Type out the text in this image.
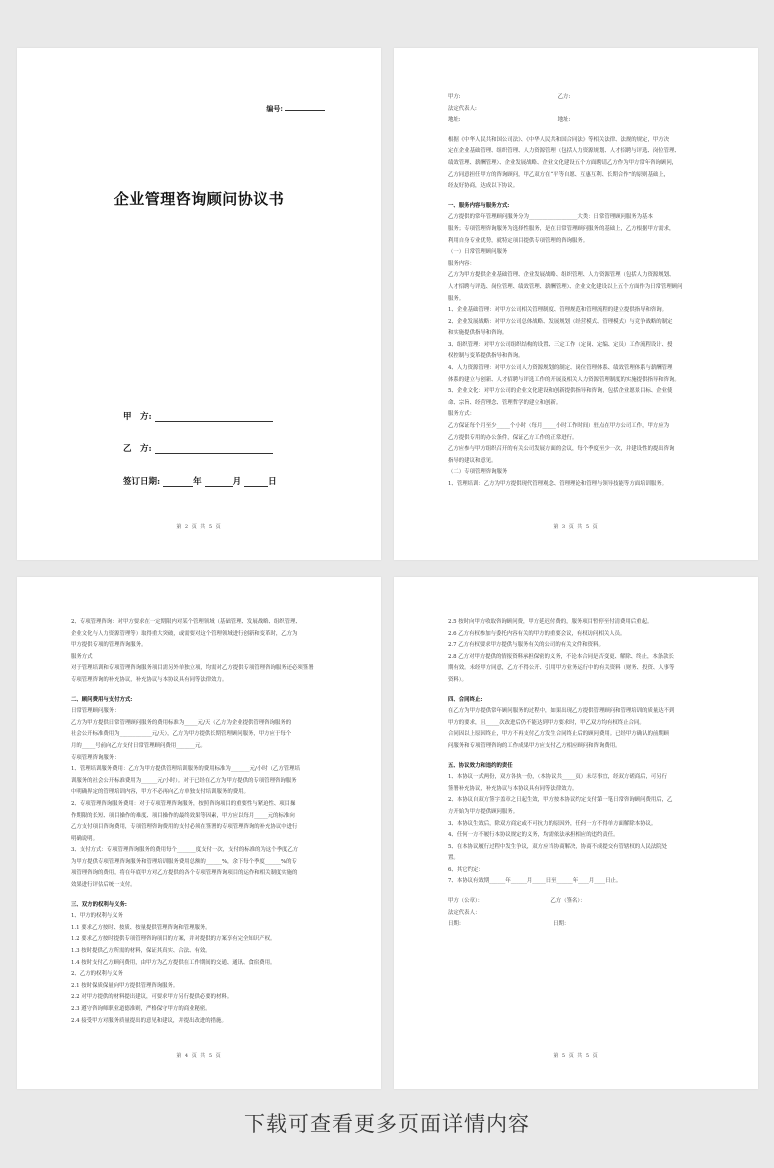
编号:
企业管理咨询顾问协议书
甲　方:
乙　方:
签订日期:	年	月	日
第 2 页 共 5 页

甲方:　　　　　　　　　　　　　　　　　　乙方:

法定代表人:

地址:　　　　　　　　　　　　　　　　　　地址:

根据《中华人民共和国公司法》、《中华人民共和国合同法》等相关法律、法规的规定，甲方决

定在企业基础管理、组织管理、人力资源管理（包括人力资源规划、人才招聘与评选、岗位管理、

绩效管理、薪酬管理）、企业发展战略、企业文化建设五个方面聘请乙方作为甲方常年咨询顾问，

乙方同意担任甲方的咨询顾问，甲乙双方在“平等自愿、互惠互利、长期合作”的原则基础上，

经友好协商，达成以下协议。

一、服务内容与服务方式:

乙方提供的常年管理顾问服务分为__________________大类：日常管理顾问服务为基本

服务；专项管理咨询服务为选择性服务，是在日常管理顾问服务的基础上，乙方根据甲方需求，

利用自身专业优势，就特定项目提供专项管理的咨询服务。

（一）日常管理顾问服务

服务内容：

乙方为甲方提供企业基础管理、企业发展战略、组织管理、人力资源管理（包括人力资源规划、

人才招聘与评选、岗位管理、绩效管理、薪酬管理）、企业文化建设以上五个方面作为日常管理顾问

服务。

1、企业基础管理：对甲方公司相关管理制度、管理规范和管理流程的建立提供指导和咨询。

2、企业发展战略：对甲方公司总体战略、发展规划（经营模式、管理模式）与竞争战略的制定

和实施提供指导和咨询。

3、组织管理：对甲方公司组织结构的设置、三定工作（定岗、定编、定员）工作流程设计、授

权控制与变革提供指导和咨询。

4、人力资源管理：对甲方公司人力资源规划的制定、岗位管理体系、绩效管理体系与薪酬管理

体系的建立与创新、人才招聘与评选工作的开展及相关人力资源管理制度的实施提供指导和咨询。

5、企业文化：对甲方公司的企业文化建设和创新提供指导和咨询，包括企业愿景目标、企业使

命、宗旨、经营理念、管理哲学的建立和创新。

服务方式：

乙方保证每个月至少_____个小时（每月_____小时工作时间）驻点在甲方公司工作，甲方应为

乙方提供专用的办公条件，保证乙方工作的正常进行。

乙方应参与甲方组织召开的有关公司发展方面的会议，每个季度至少一次，并建设性的提出咨询

指导的建议和意见。

（二）专项管理咨询服务

1、管理培训：乙方为甲方提供现代管理观念、管理理论和管理与领导技能等方面培训服务。

第 3 页 共 5 页

2、专项管理咨询：对甲方要求在一定期限内对某个管理领域（基础管理、发展战略、组织管理、

企业文化与人力资源管理等）取得重大突破，或需要对这个管理领域进行创新和变革时，乙方为

甲方提供专项的管理咨询服务。

服务方式

对于管理培训和专项管理咨询服务项目需另外单独立项，均需对乙方提供专项管理咨询服务还必须签署

专项管理咨询的补充协议，补充协议与本协议具有同等法律效力。

二、顾问费用与支付方式:

日常管理顾问服务：

乙方为甲方提供日常管理顾问服务的费用标准为_____元/天（乙方为企业提供管理咨询服务的

社会公开标准费用为____________元/天），乙方为甲方提供长期管理顾问服务，甲方应于每个

月的_____号前向乙方支付日常管理顾问费用_______元。

专项管理咨询服务：

1、管理培训服务费用：乙方为甲方提供管理培训服务的费用标准为_______元/小时（乙方管理培

训服务的社会公开标准费用为______元/小时）。对于已经在乙方为甲方提供的专项管理咨询服务

中明确界定的管理培训内容，甲方不必再向乙方单独支付培训服务的费用。

2、专项管理咨询服务费用：对于专项管理咨询服务，按照咨询项目的重要性与紧迫性、项目操

作期限的长短、项目操作的难度、项目操作的最终效果等因素，甲方应以每月_____元的标准向

乙方支付项目咨询费用，专项管理咨询费用的支付必须在签署的专项管理咨询的补充协议中进行

明确说明。

3、支付方式：专项管理咨询服务的费用每个_______度支付一次，支付的标准的为这个季度乙方

为甲方提供专项管理咨询服务和管理培训服务费用总额的______%，余下每个季度______%的专

项管理咨询的费用，将在年底甲方对乙方提供的各个专项管理咨询项目的运作和相关制度实施的

效果进行评估后统一支付。

三、双方的权利与义务:

1、甲方的权利与义务

1.1 要求乙方按时、按质、按量提供管理咨询和管理服务。

1.2 要求乙方按时提供专项管理咨询项目的方案，并对提供的方案享有完全知识产权。

1.3 按时提供乙方所需的材料，保证其真实、合法、有效。

1.4 按时支付乙方顾问费用，由甲方为乙方提供在工作期间的交通、通讯、食宿费用。

2、乙方的权利与义务

2.1 按时保质保量向甲方提供管理咨询服务。

2.2 对甲方提供的材料提出建议，可要求甲方另行提供必要的材料。

2.3 遵守咨询师职业道德准则，严格保守甲方的商业秘密。

2.4 接受甲方对服务质量提出的意见和建议，并提出改进的措施。

第 4 页 共 5 页

2.5 按时向甲方收取咨询顾问费，甲方延迟付费的，服务项目暂停至付清费用后重起。

2.6 乙方有权参加与委托内容有关的甲方的重要会议，有权访问相关人员。

2.7 乙方有权要求甲方提供与服务有关的公司的有关文件和资料。

2.8 乙方对甲方提供的情报资料承担保密的义务，不论本合同是否变更、解除、终止，本条款长

期有效。未经甲方同意，乙方不得公开、引用甲方业务运行中的有关资料（财务、投资、人事等

资料）。

四、合同终止:

在乙方为甲方提供常年顾问服务的过程中，如果出现乙方提供管理顾问和管理培训的质量达不到

甲方的要求，且_____次改进后仍不能达到甲方要求时，甲乙双方均有权终止合同。

合同因以上原因终止，甲方不再支付乙方发生合同终止后的顾问费用。已经甲方确认的前期顾

问服务和专项管理咨询的工作成果甲方应支付乙方相应顾问和咨询费用。

五、协议效力和违约的责任

1、本协议一式两份，双方各执一份，（本协议共_____页）未尽事宜，经双方磋商后，可另行

签署补充协议，补充协议与本协议具有同等法律效力。

2、本协议自双方签字盖章之日起生效，甲方按本协议约定支付第一笔日常咨询顾问费用后，乙

方开始为甲方提供顾问服务。

3、本协议生效后，除双方商定或不可抗力的原因外，任何一方不得单方面解除本协议。

4、任何一方不履行本协议规定的义务，均需依法承担相应的违约责任。

5、在本协议履行过程中发生争议，双方应当协商解决，协商不成提交有管辖权的人民法院处

置。

6、其它约定：

7、本协议有效期______年______月_____日至______年____月____日止。

甲方（公章）：　　　　　　　　　　　　　乙方（签名）：

法定代表人：

日期：　　　　　　　　　　　　　　　　　日期：

第 5 页 共 5 页
下载可查看更多页面详情内容
